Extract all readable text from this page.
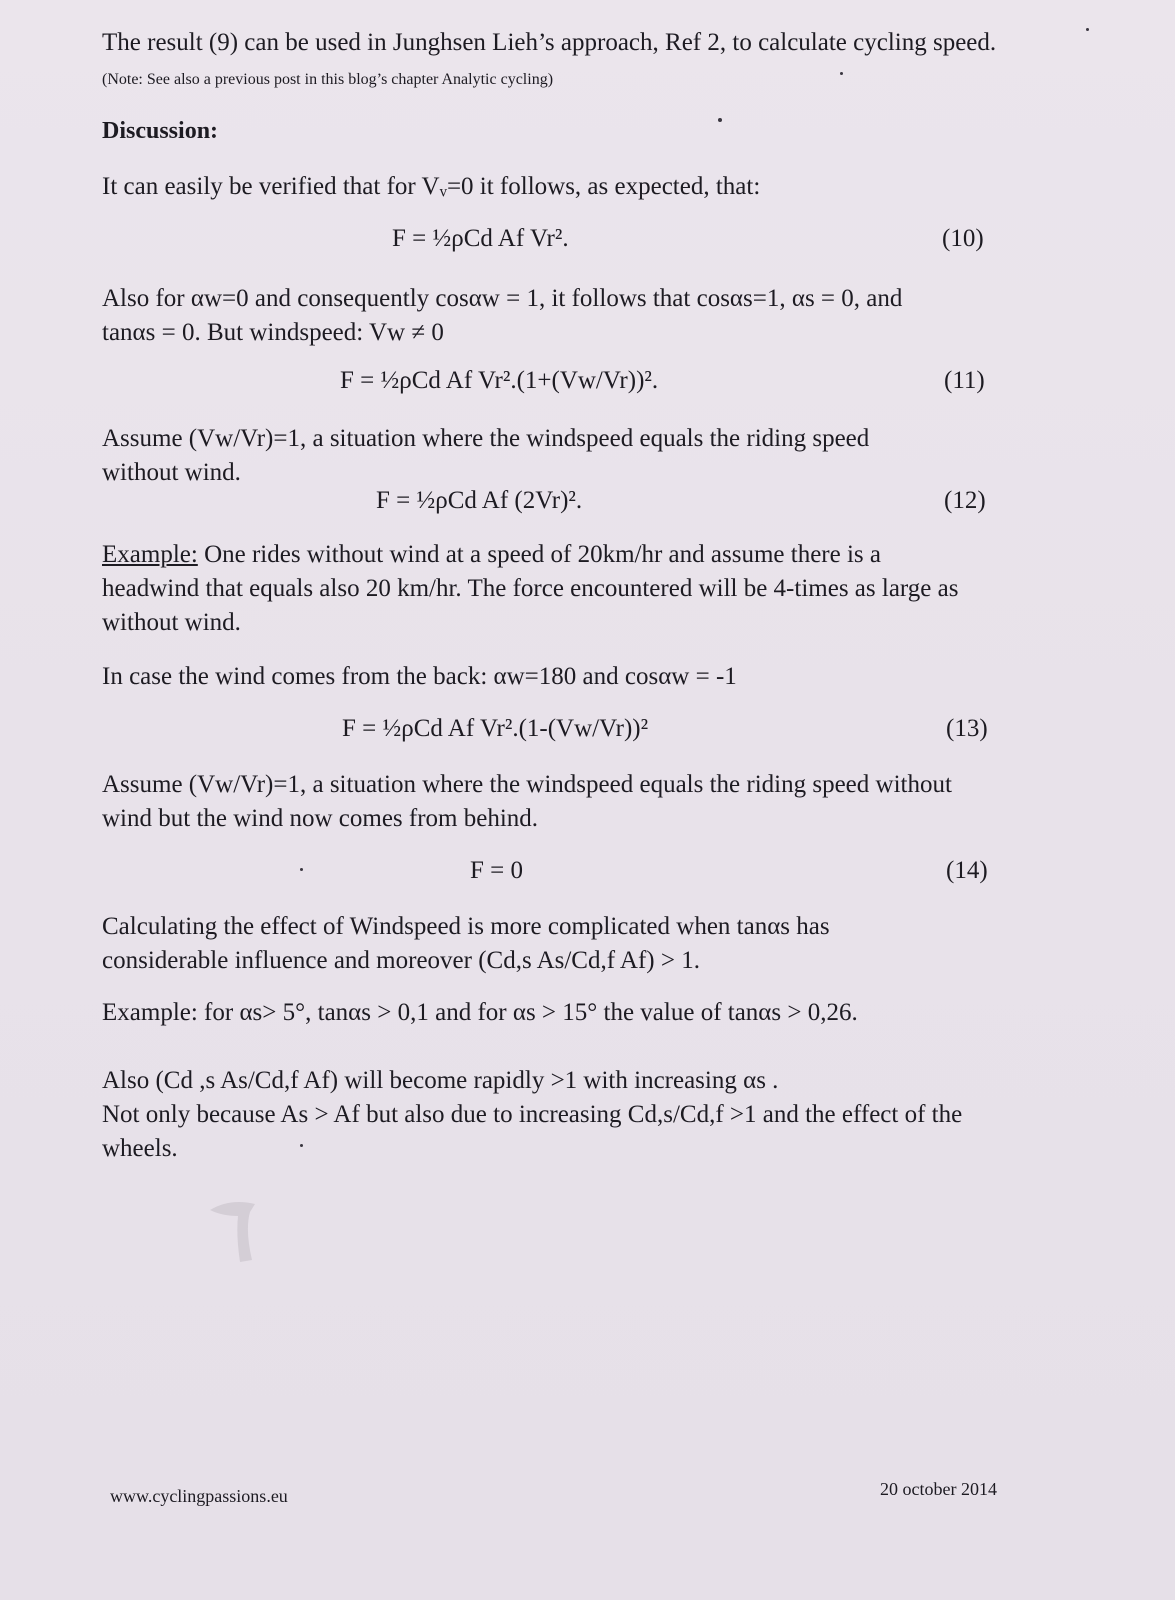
The result (9) can be used in Junghsen Lieh’s approach, Ref 2, to calculate cycling speed. (Note: See also a previous post in this blog’s chapter Analytic cycling)

Discussion:

It can easily be verified that for Vᵥ=0 it follows, as expected, that:

F = ½ρCd Af Vr².	(10)

Also for αw=0 and consequently cosαw = 1, it follows that cosαs=1, αs = 0, and
tanαs = 0. But windspeed: Vw ≠ 0

F = ½ρCd Af Vr².(1+(Vw/Vr))².	(11)

Assume (Vw/Vr)=1, a situation where the windspeed equals the riding speed
without wind.

F = ½ρCd Af (2Vr)².	(12)

Example: One rides without wind at a speed of 20km/hr and assume there is a headwind that equals also 20 km/hr. The force encountered will be 4-times as large as without wind.

In case the wind comes from the back: αw=180 and cosαw = -1

F = ½ρCd Af Vr².(1-(Vw/Vr))²	(13)

Assume (Vw/Vr)=1, a situation where the windspeed equals the riding speed without wind but the wind now comes from behind.

F = 0	(14)

Calculating the effect of Windspeed is more complicated when tanαs has considerable influence and moreover (Cd,s As/Cd,f Af) > 1.

Example: for αs> 5°, tanαs > 0,1 and for αs > 15° the value of tanαs > 0,26.

Also (Cd ,s As/Cd,f Af) will become rapidly >1 with increasing αs .
Not only because As > Af but also due to increasing Cd,s/Cd,f >1 and the effect of the wheels.

www.cyclingpassions.eu	20 october 2014
